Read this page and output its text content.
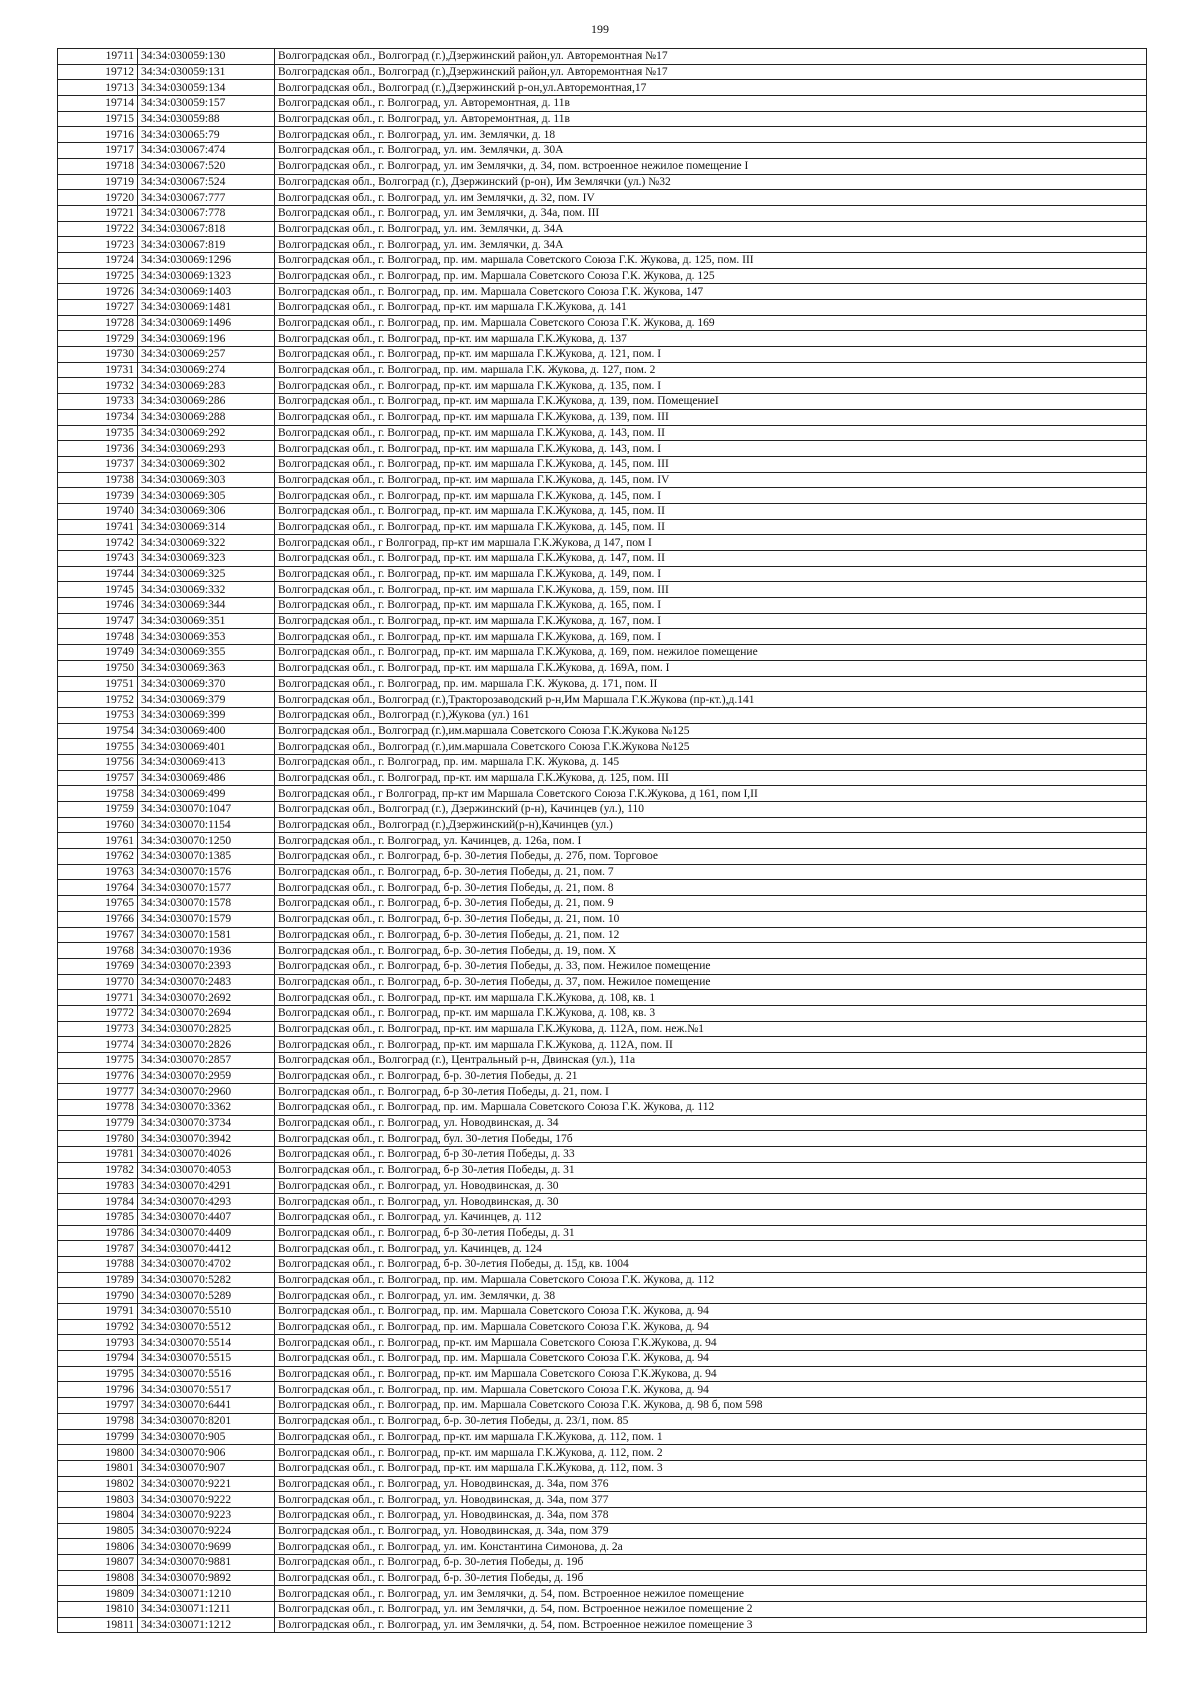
199
19711	34:34:030059:130	Волгоградская обл., Волгоград (г.),Дзержинский район,ул. Авторемонтная №17
19712	34:34:030059:131	Волгоградская обл., Волгоград (г.),Дзержинский район,ул. Авторемонтная №17
19713	34:34:030059:134	Волгоградская обл., Волгоград (г.),Дзержинский р-он,ул.Авторемонтная,17
19714	34:34:030059:157	Волгоградская обл., г. Волгоград, ул. Авторемонтная, д. 11в
19715	34:34:030059:88	Волгоградская обл., г. Волгоград, ул. Авторемонтная, д. 11в
19716	34:34:030065:79	Волгоградская обл., г. Волгоград, ул. им. Землячки, д. 18
19717	34:34:030067:474	Волгоградская обл., г. Волгоград, ул. им. Землячки, д. 30А
19718	34:34:030067:520	Волгоградская обл., г. Волгоград, ул. им Землячки, д. 34, пом. встроенное нежилое помещение I
19719	34:34:030067:524	Волгоградская обл., Волгоград (г.), Дзержинский (р-он), Им Землячки (ул.) №32
19720	34:34:030067:777	Волгоградская обл., г. Волгоград, ул. им Землячки, д. 32, пом. IV
19721	34:34:030067:778	Волгоградская обл., г. Волгоград, ул. им Землячки, д. 34а, пом. III
19722	34:34:030067:818	Волгоградская обл., г. Волгоград, ул. им. Землячки, д. 34А
19723	34:34:030067:819	Волгоградская обл., г. Волгоград, ул. им. Землячки, д. 34А
19724	34:34:030069:1296	Волгоградская обл., г. Волгоград, пр. им. маршала Советского Союза Г.К. Жукова, д. 125, пом. III
19725	34:34:030069:1323	Волгоградская обл., г. Волгоград, пр. им. Маршала Советского Союза Г.К. Жукова, д. 125
19726	34:34:030069:1403	Волгоградская обл., г. Волгоград, пр. им. Маршала Советского Союза Г.К. Жукова, 147
19727	34:34:030069:1481	Волгоградская обл., г. Волгоград, пр-кт. им маршала Г.К.Жукова, д. 141
19728	34:34:030069:1496	Волгоградская обл., г. Волгоград, пр. им. Маршала Советского Союза Г.К. Жукова, д. 169
19729	34:34:030069:196	Волгоградская обл., г. Волгоград, пр-кт. им маршала Г.К.Жукова, д. 137
19730	34:34:030069:257	Волгоградская обл., г. Волгоград, пр-кт. им маршала Г.К.Жукова, д. 121, пом. I
19731	34:34:030069:274	Волгоградская обл., г. Волгоград, пр. им. маршала Г.К. Жукова, д. 127, пом. 2
19732	34:34:030069:283	Волгоградская обл., г. Волгоград, пр-кт. им маршала Г.К.Жукова, д. 135, пом. I
19733	34:34:030069:286	Волгоградская обл., г. Волгоград, пр-кт. им маршала Г.К.Жукова, д. 139, пом. ПомещениеI
19734	34:34:030069:288	Волгоградская обл., г. Волгоград, пр-кт. им маршала Г.К.Жукова, д. 139, пом. III
19735	34:34:030069:292	Волгоградская обл., г. Волгоград, пр-кт. им маршала Г.К.Жукова, д. 143, пом. II
19736	34:34:030069:293	Волгоградская обл., г. Волгоград, пр-кт. им маршала Г.К.Жукова, д. 143, пом. I
19737	34:34:030069:302	Волгоградская обл., г. Волгоград, пр-кт. им маршала Г.К.Жукова, д. 145, пом. III
19738	34:34:030069:303	Волгоградская обл., г. Волгоград, пр-кт. им маршала Г.К.Жукова, д. 145, пом. IV
19739	34:34:030069:305	Волгоградская обл., г. Волгоград, пр-кт. им маршала Г.К.Жукова, д. 145, пом. I
19740	34:34:030069:306	Волгоградская обл., г. Волгоград, пр-кт. им маршала Г.К.Жукова, д. 145, пом. II
19741	34:34:030069:314	Волгоградская обл., г. Волгоград, пр-кт. им маршала Г.К.Жукова, д. 145, пом. II
19742	34:34:030069:322	Волгоградская обл., г Волгоград, пр-кт им маршала Г.К.Жукова, д 147, пом I
19743	34:34:030069:323	Волгоградская обл., г. Волгоград, пр-кт. им маршала Г.К.Жукова, д. 147, пом. II
19744	34:34:030069:325	Волгоградская обл., г. Волгоград, пр-кт. им маршала Г.К.Жукова, д. 149, пом. I
19745	34:34:030069:332	Волгоградская обл., г. Волгоград, пр-кт. им маршала Г.К.Жукова, д. 159, пом. III
19746	34:34:030069:344	Волгоградская обл., г. Волгоград, пр-кт. им маршала Г.К.Жукова, д. 165, пом. I
19747	34:34:030069:351	Волгоградская обл., г. Волгоград, пр-кт. им маршала Г.К.Жукова, д. 167, пом. I
19748	34:34:030069:353	Волгоградская обл., г. Волгоград, пр-кт. им маршала Г.К.Жукова, д. 169, пом. I
19749	34:34:030069:355	Волгоградская обл., г. Волгоград, пр-кт. им маршала Г.К.Жукова, д. 169, пом. нежилое помещение
19750	34:34:030069:363	Волгоградская обл., г. Волгоград, пр-кт. им маршала Г.К.Жукова, д. 169А, пом. I
19751	34:34:030069:370	Волгоградская обл., г. Волгоград, пр. им. маршала Г.К. Жукова, д. 171, пом. II
19752	34:34:030069:379	Волгоградская обл., Волгоград (г.),Тракторозаводский р-н,Им Маршала Г.К.Жукова (пр-кт.),д.141
19753	34:34:030069:399	Волгоградская обл., Волгоград (г.),Жукова (ул.) 161
19754	34:34:030069:400	Волгоградская обл., Волгоград (г.),им.маршала Советского Союза Г.К.Жукова №125
19755	34:34:030069:401	Волгоградская обл., Волгоград (г.),им.маршала Советского Союза Г.К.Жукова №125
19756	34:34:030069:413	Волгоградская обл., г. Волгоград, пр. им. маршала Г.К. Жукова, д. 145
19757	34:34:030069:486	Волгоградская обл., г. Волгоград, пр-кт. им маршала Г.К.Жукова, д. 125, пом. III
19758	34:34:030069:499	Волгоградская обл., г Волгоград, пр-кт им Маршала Советского Союза Г.К.Жукова, д 161, пом I,II
19759	34:34:030070:1047	Волгоградская обл., Волгоград (г.), Дзержинский (р-н), Качинцев (ул.), 110
19760	34:34:030070:1154	Волгоградская обл., Волгоград (г.),Дзержинский(р-н),Качинцев (ул.)
19761	34:34:030070:1250	Волгоградская обл., г. Волгоград, ул. Качинцев, д. 126а, пом. I
19762	34:34:030070:1385	Волгоградская обл., г. Волгоград, б-р. 30-летия Победы, д. 27б, пом. Торговое
19763	34:34:030070:1576	Волгоградская обл., г. Волгоград, б-р. 30-летия Победы, д. 21, пом. 7
19764	34:34:030070:1577	Волгоградская обл., г. Волгоград, б-р. 30-летия Победы, д. 21, пом. 8
19765	34:34:030070:1578	Волгоградская обл., г. Волгоград, б-р. 30-летия Победы, д. 21, пом. 9
19766	34:34:030070:1579	Волгоградская обл., г. Волгоград, б-р. 30-летия Победы, д. 21, пом. 10
19767	34:34:030070:1581	Волгоградская обл., г. Волгоград, б-р. 30-летия Победы, д. 21, пом. 12
19768	34:34:030070:1936	Волгоградская обл., г. Волгоград, б-р. 30-летия Победы, д. 19, пом. X
19769	34:34:030070:2393	Волгоградская обл., г. Волгоград, б-р. 30-летия Победы, д. 33, пом. Нежилое помещение
19770	34:34:030070:2483	Волгоградская обл., г. Волгоград, б-р. 30-летия Победы, д. 37, пом. Нежилое помещение
19771	34:34:030070:2692	Волгоградская обл., г. Волгоград, пр-кт. им маршала Г.К.Жукова, д. 108, кв. 1
19772	34:34:030070:2694	Волгоградская обл., г. Волгоград, пр-кт. им маршала Г.К.Жукова, д. 108, кв. 3
19773	34:34:030070:2825	Волгоградская обл., г. Волгоград, пр-кт. им маршала Г.К.Жукова, д. 112А, пом. неж.№1
19774	34:34:030070:2826	Волгоградская обл., г. Волгоград, пр-кт. им маршала Г.К.Жукова, д. 112А, пом. II
19775	34:34:030070:2857	Волгоградская обл., Волгоград (г.), Центральный р-н, Двинская (ул.), 11а
19776	34:34:030070:2959	Волгоградская обл., г. Волгоград, б-р. 30-летия Победы, д. 21
19777	34:34:030070:2960	Волгоградская обл., г. Волгоград, б-р 30-летия Победы, д. 21, пом. I
19778	34:34:030070:3362	Волгоградская обл., г. Волгоград, пр. им. Маршала Советского Союза Г.К. Жукова, д. 112
19779	34:34:030070:3734	Волгоградская обл., г. Волгоград, ул. Новодвинская, д. 34
19780	34:34:030070:3942	Волгоградская обл., г. Волгоград, бул. 30-летия Победы, 17б
19781	34:34:030070:4026	Волгоградская обл., г. Волгоград, б-р 30-летия Победы, д. 33
19782	34:34:030070:4053	Волгоградская обл., г. Волгоград, б-р 30-летия Победы, д. 31
19783	34:34:030070:4291	Волгоградская обл., г. Волгоград, ул. Новодвинская, д. 30
19784	34:34:030070:4293	Волгоградская обл., г. Волгоград, ул. Новодвинская, д. 30
19785	34:34:030070:4407	Волгоградская обл., г. Волгоград, ул. Качинцев, д. 112
19786	34:34:030070:4409	Волгоградская обл., г. Волгоград, б-р 30-летия Победы, д. 31
19787	34:34:030070:4412	Волгоградская обл., г. Волгоград, ул. Качинцев, д. 124
19788	34:34:030070:4702	Волгоградская обл., г. Волгоград, б-р. 30-летия Победы, д. 15д, кв. 1004
19789	34:34:030070:5282	Волгоградская обл., г. Волгоград, пр. им. Маршала Советского Союза Г.К. Жукова, д. 112
19790	34:34:030070:5289	Волгоградская обл., г. Волгоград, ул. им. Землячки, д. 38
19791	34:34:030070:5510	Волгоградская обл., г. Волгоград, пр. им. Маршала Советского Союза Г.К. Жукова, д. 94
19792	34:34:030070:5512	Волгоградская обл., г. Волгоград, пр. им. Маршала Советского Союза Г.К. Жукова, д. 94
19793	34:34:030070:5514	Волгоградская обл., г. Волгоград, пр-кт. им Маршала Советского Союза Г.К.Жукова, д. 94
19794	34:34:030070:5515	Волгоградская обл., г. Волгоград, пр. им. Маршала Советского Союза Г.К. Жукова, д. 94
19795	34:34:030070:5516	Волгоградская обл., г. Волгоград, пр-кт. им Маршала Советского Союза Г.К.Жукова, д. 94
19796	34:34:030070:5517	Волгоградская обл., г. Волгоград, пр. им. Маршала Советского Союза Г.К. Жукова, д. 94
19797	34:34:030070:6441	Волгоградская обл., г. Волгоград, пр. им. Маршала Советского Союза Г.К. Жукова, д. 98 б, пом 598
19798	34:34:030070:8201	Волгоградская обл., г. Волгоград, б-р. 30-летия Победы, д. 23/1, пом. 85
19799	34:34:030070:905	Волгоградская обл., г. Волгоград, пр-кт. им маршала Г.К.Жукова, д. 112, пом. 1
19800	34:34:030070:906	Волгоградская обл., г. Волгоград, пр-кт. им маршала Г.К.Жукова, д. 112, пом. 2
19801	34:34:030070:907	Волгоградская обл., г. Волгоград, пр-кт. им маршала Г.К.Жукова, д. 112, пом. 3
19802	34:34:030070:9221	Волгоградская обл., г. Волгоград, ул. Новодвинская, д. 34а, пом 376
19803	34:34:030070:9222	Волгоградская обл., г. Волгоград, ул. Новодвинская, д. 34а, пом 377
19804	34:34:030070:9223	Волгоградская обл., г. Волгоград, ул. Новодвинская, д. 34а, пом 378
19805	34:34:030070:9224	Волгоградская обл., г. Волгоград, ул. Новодвинская, д. 34а, пом 379
19806	34:34:030070:9699	Волгоградская обл., г. Волгоград, ул. им. Константина Симонова, д. 2а
19807	34:34:030070:9881	Волгоградская обл., г. Волгоград, б-р. 30-летия Победы, д. 19б
19808	34:34:030070:9892	Волгоградская обл., г. Волгоград, б-р. 30-летия Победы, д. 19б
19809	34:34:030071:1210	Волгоградская обл., г. Волгоград, ул. им Землячки, д. 54, пом. Встроенное нежилое помещение
19810	34:34:030071:1211	Волгоградская обл., г. Волгоград, ул. им Землячки, д. 54, пом. Встроенное нежилое помещение 2
19811	34:34:030071:1212	Волгоградская обл., г. Волгоград, ул. им Землячки, д. 54, пом. Встроенное нежилое помещение 3
